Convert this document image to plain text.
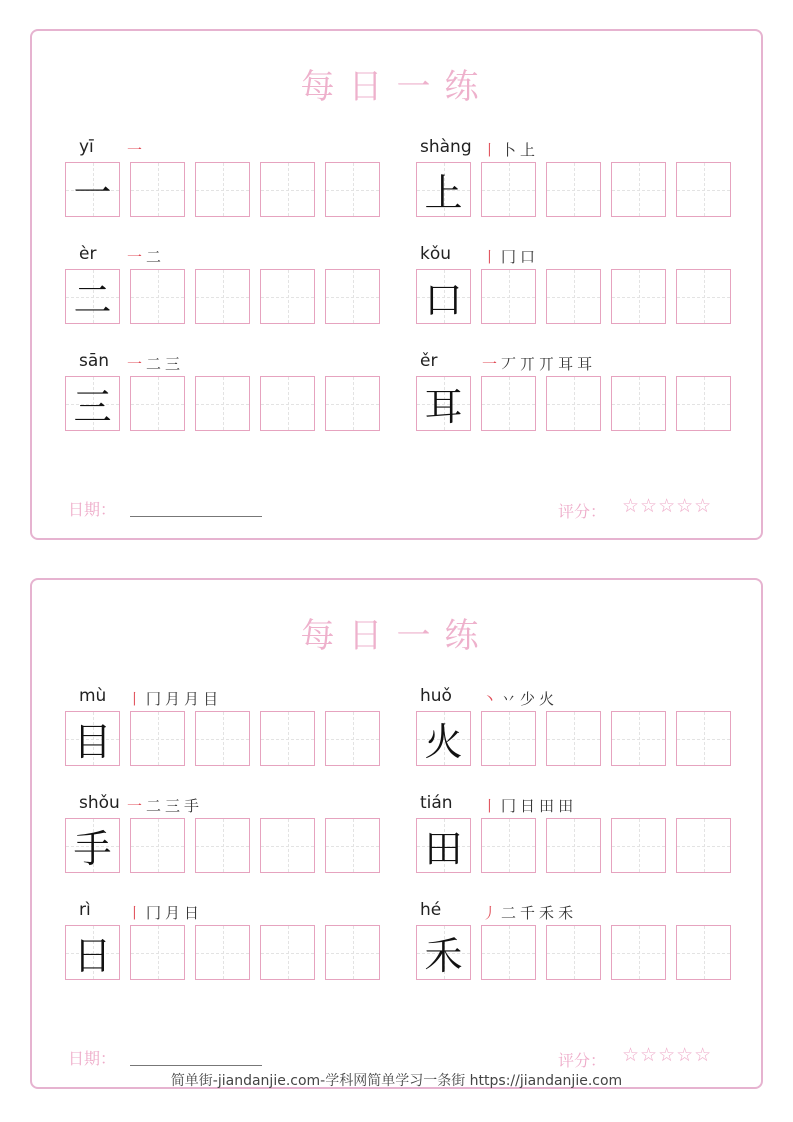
每日一练
yī 一
一
shàng 丨 卜 上
上
èr 一 二
二
kǒu 丨 冂 口
口
sān 一 二 三
三
ěr	一 丆 丌 丌 耳 耳
耳
日期：	评分： ☆☆☆☆☆
每日一练
mù 丨 冂 月 月 目
目
huǒ 丶 丷 少 火
火
shǒu 一 二 三 手
手
tián 丨 冂 日 田 田
田
rì 丨 冂 月 日
日
hé	丿 二 千 禾 禾
禾
日期：	评分： ☆☆☆☆☆
简单街-jiandanjie.com-学科网简单学习一条街 https://jiandanjie.com
